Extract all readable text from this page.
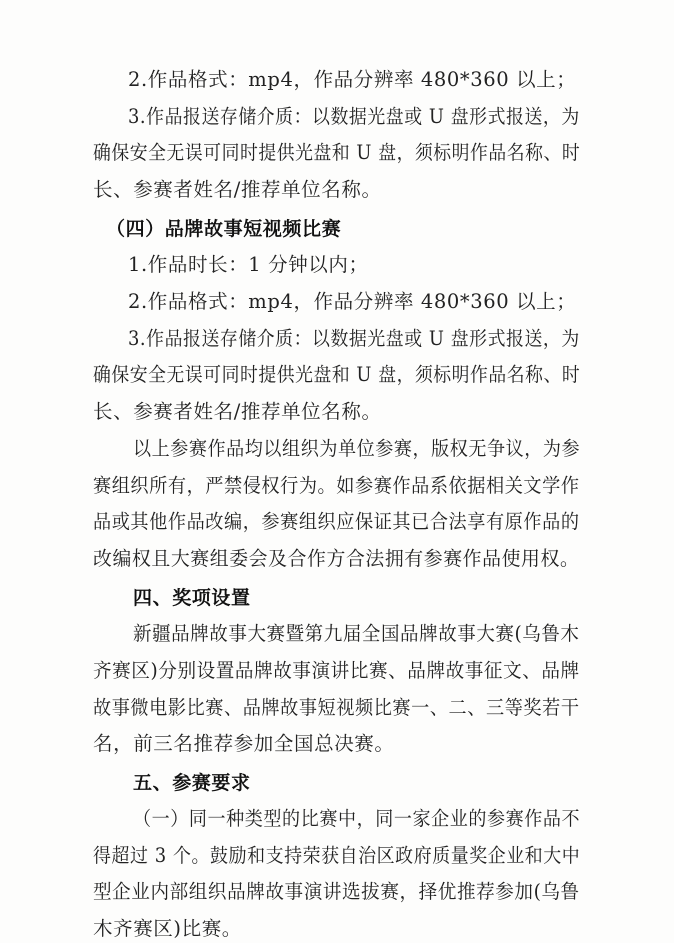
2.作品格式：mp4，作品分辨率 480*360 以上；
3.作品报送存储介质：以数据光盘或 U 盘形式报送，为
确保安全无误可同时提供光盘和 U 盘，须标明作品名称、时
长、参赛者姓名/推荐单位名称。
（四）品牌故事短视频比赛
1.作品时长：1 分钟以内；
2.作品格式：mp4，作品分辨率 480*360 以上；
3.作品报送存储介质：以数据光盘或 U 盘形式报送，为
确保安全无误可同时提供光盘和 U 盘，须标明作品名称、时
长、参赛者姓名/推荐单位名称。
以上参赛作品均以组织为单位参赛，版权无争议，为参
赛组织所有，严禁侵权行为。如参赛作品系依据相关文学作
品或其他作品改编，参赛组织应保证其已合法享有原作品的
改编权且大赛组委会及合作方合法拥有参赛作品使用权。
四、奖项设置
新疆品牌故事大赛暨第九届全国品牌故事大赛(乌鲁木
齐赛区)分别设置品牌故事演讲比赛、品牌故事征文、品牌
故事微电影比赛、品牌故事短视频比赛一、二、三等奖若干
名，前三名推荐参加全国总决赛。
五、参赛要求
（一）同一种类型的比赛中，同一家企业的参赛作品不
得超过 3 个。鼓励和支持荣获自治区政府质量奖企业和大中
型企业内部组织品牌故事演讲选拔赛，择优推荐参加(乌鲁
木齐赛区)比赛。
